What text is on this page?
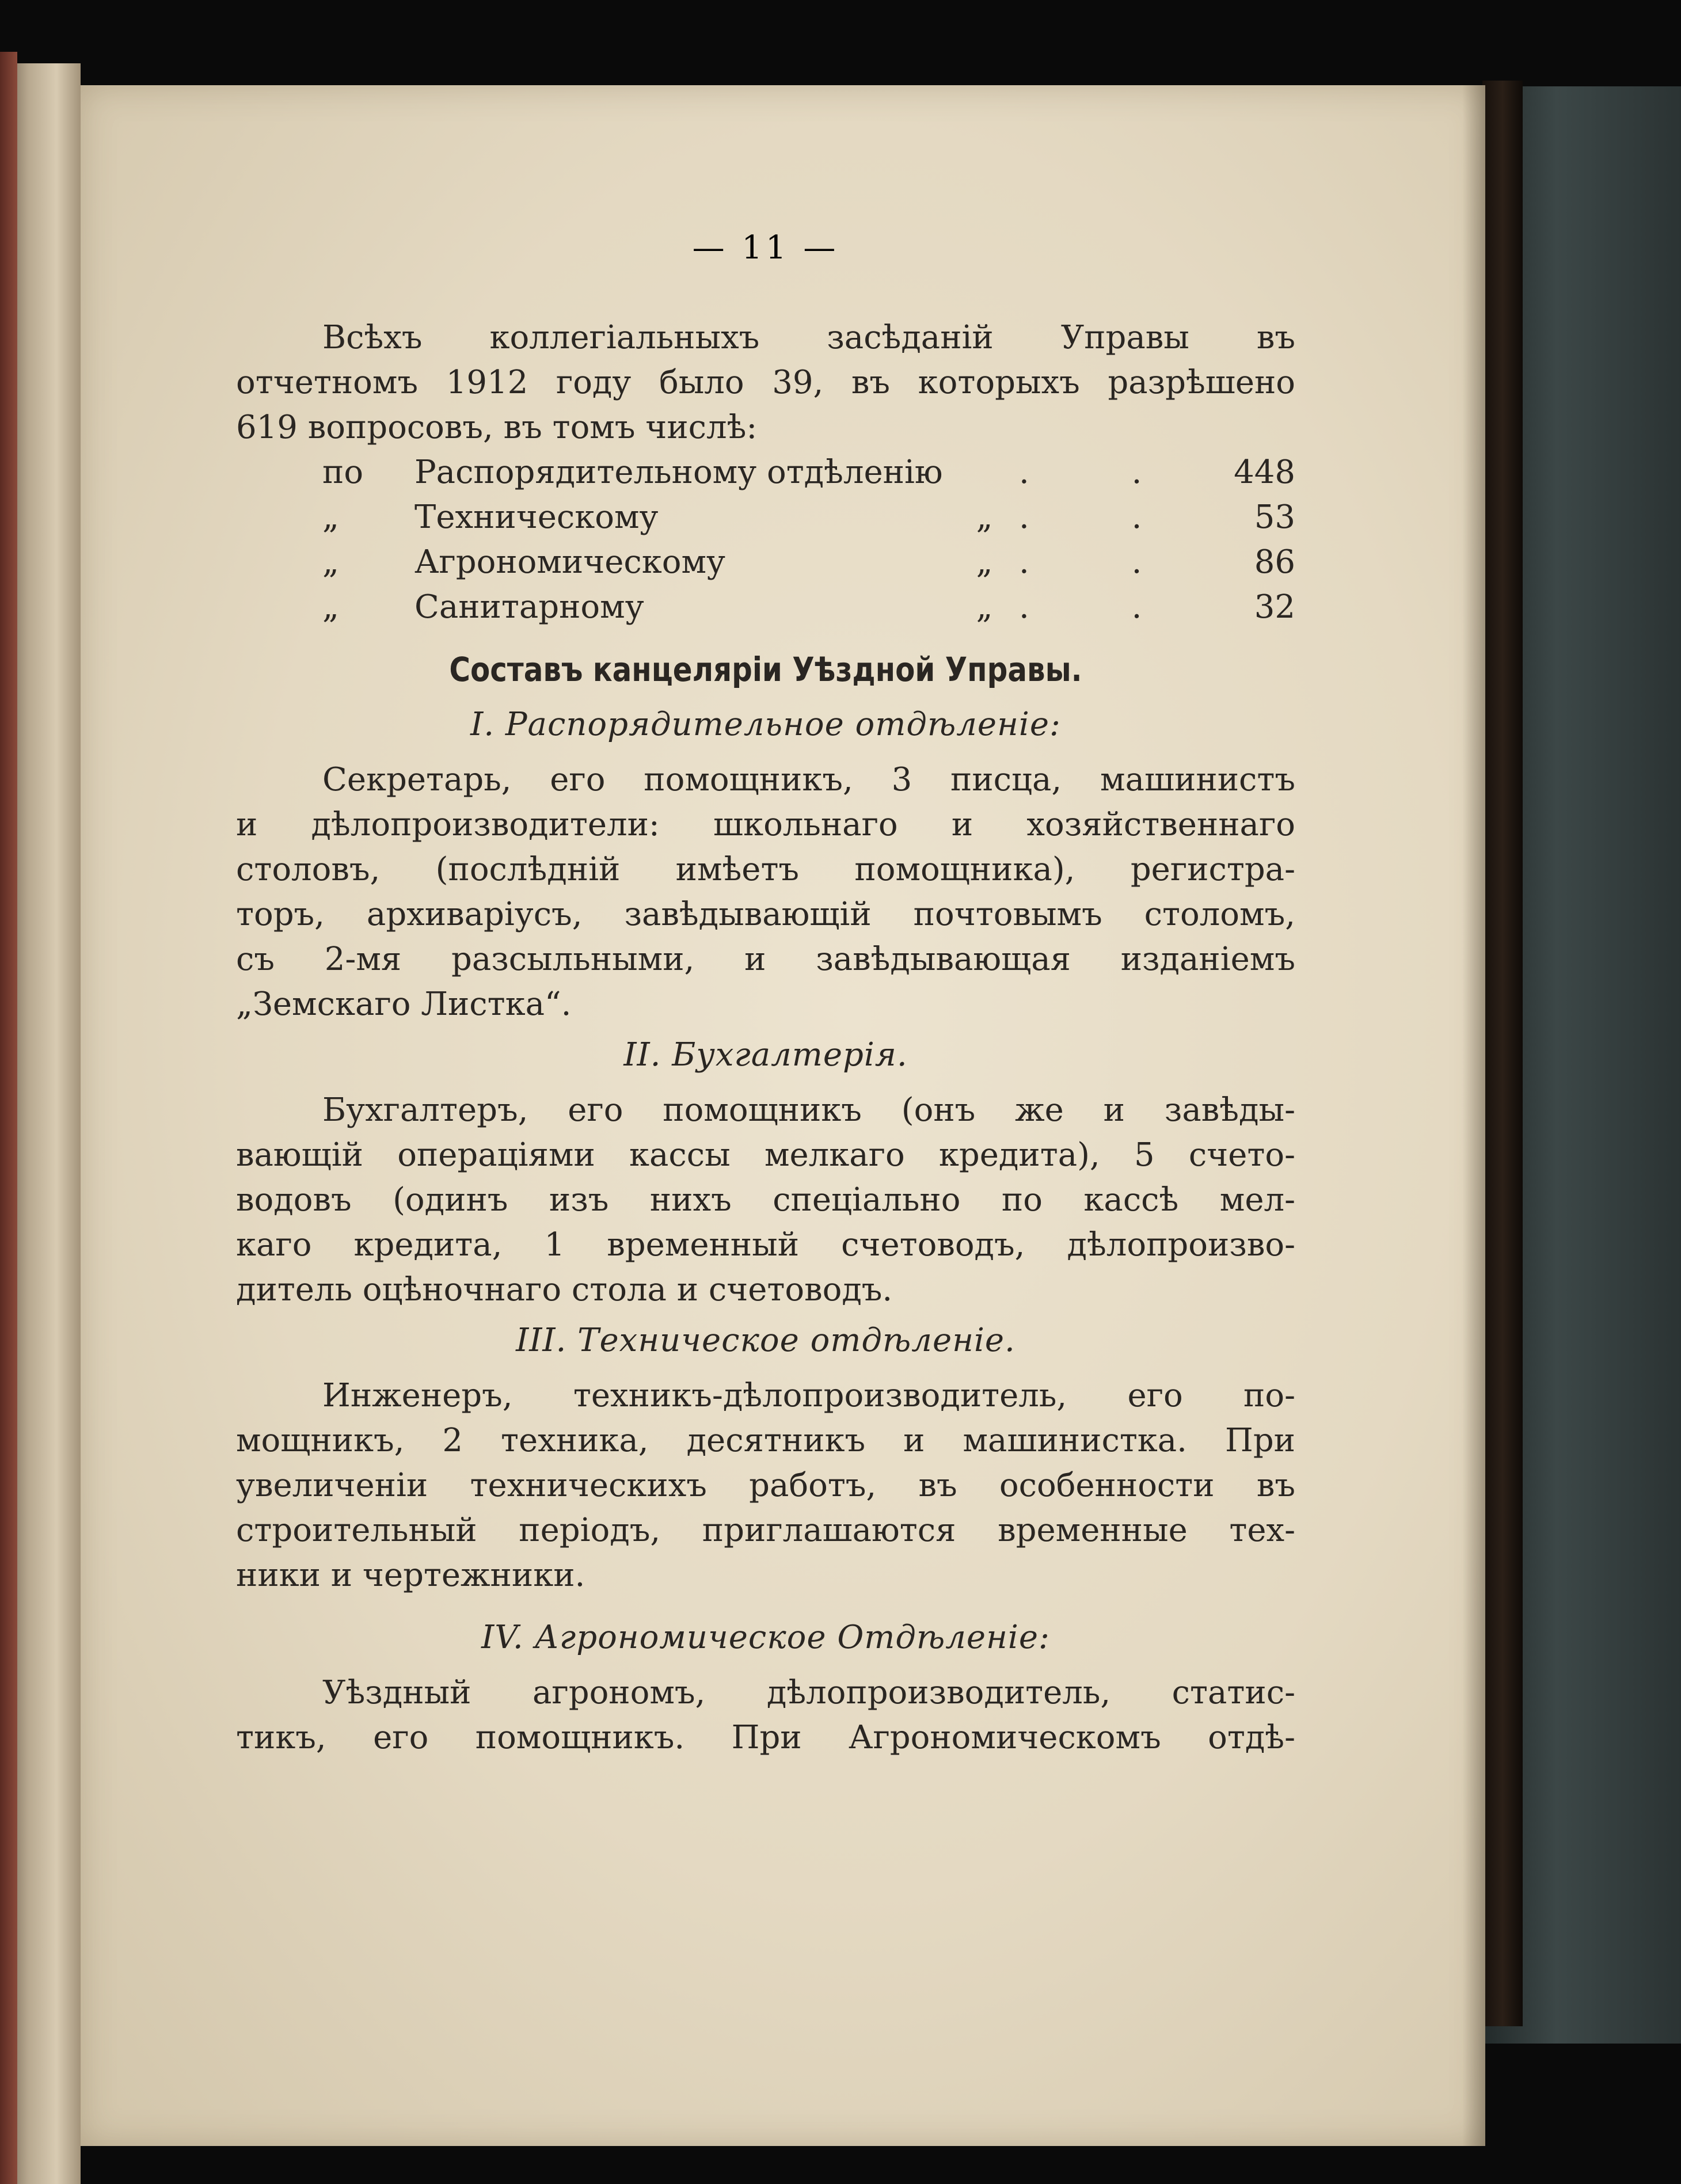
— 11 —

Всѣхъ коллегіальныхъ засѣданій Управы въ

отчетномъ 1912 году было 39, въ которыхъ разрѣшено

619 вопросовъ, въ томъ числѣ:

по	Распорядительному отдѣленію . .	448
„	Техническому	„ . .	53
„	Агрономическому	„ . .	86
„	Санитарному	„ . .	32
Составъ канцеляріи Уѣздной Управы.
I. Распорядительное отдѣленіе:

Секретарь, его помощникъ, 3 писца, машинистъ

и дѣлопроизводители: школьнаго и хозяйственнаго

столовъ, (послѣдній имѣетъ помощника), регистра-

торъ, архиваріусъ, завѣдывающій почтовымъ столомъ,

съ 2-мя разсыльными, и завѣдывающая изданіемъ

„Земскаго Листка“.

II. Бухгалтерія.

Бухгалтеръ, его помощникъ (онъ же и завѣды-

вающій операціями кассы мелкаго кредита), 5 счето-

водовъ (одинъ изъ нихъ спеціально по кассѣ мел-

каго кредита, 1 временный счетоводъ, дѣлопроизво-

дитель оцѣночнаго стола и счетоводъ.

III. Техническое отдѣленіе.

Инженеръ, техникъ-дѣлопроизводитель, его по-

мощникъ, 2 техника, десятникъ и машинистка. При

увеличеніи техническихъ работъ, въ особенности въ

строительный періодъ, приглашаются временные тех-

ники и чертежники.

IV. Агрономическое Отдѣленіе:

Уѣздный агрономъ, дѣлопроизводитель, статис-

тикъ, его помощникъ. При Агрономическомъ отдѣ-
